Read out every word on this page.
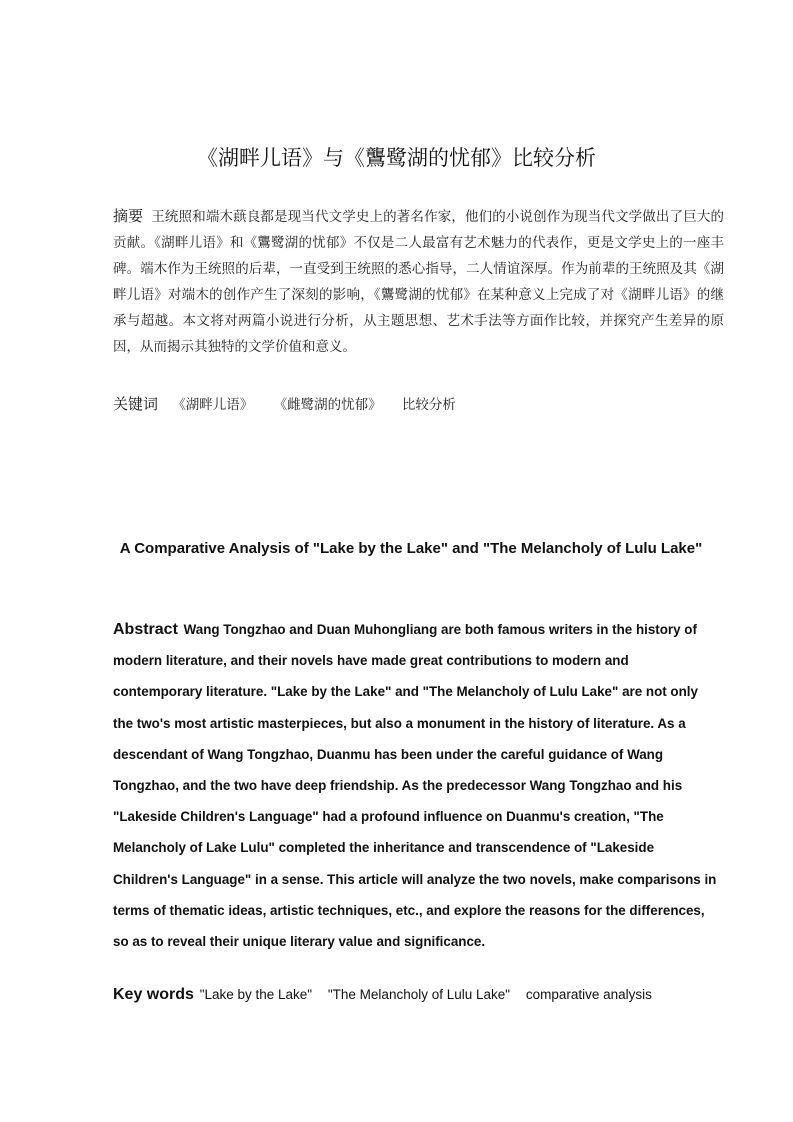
《湖畔儿语》与《鸗鹭湖的忧郁》比较分析
摘要 王统照和端木蕻良都是现当代文学史上的著名作家，他们的小说创作为现当代文学做出了巨大的贡献。《湖畔儿语》和《鸗鹭湖的忧郁》不仅是二人最富有艺术魅力的代表作，更是文学史上的一座丰碑。端木作为王统照的后辈，一直受到王统照的悉心指导，二人情谊深厚。作为前辈的王统照及其《湖畔儿语》对端木的创作产生了深刻的影响，《鸗鹭湖的忧郁》在某种意义上完成了对《湖畔儿语》的继承与超越。本文将对两篇小说进行分析，从主题思想、艺术手法等方面作比较，并探究产生差异的原因，从而揭示其独特的文学价值和意义。
关键词 《湖畔儿语》 《雌鹭湖的忧郁》 比较分析
A Comparative Analysis of "Lake by the Lake" and "The Melancholy of Lulu Lake"
Abstract Wang Tongzhao and Duan Muhongliang are both famous writers in the history of modern literature, and their novels have made great contributions to modern and contemporary literature. "Lake by the Lake" and "The Melancholy of Lulu Lake" are not only the two's most artistic masterpieces, but also a monument in the history of literature. As a descendant of Wang Tongzhao, Duanmu has been under the careful guidance of Wang Tongzhao, and the two have deep friendship. As the predecessor Wang Tongzhao and his "Lakeside Children's Language" had a profound influence on Duanmu's creation, "The Melancholy of Lake Lulu" completed the inheritance and transcendence of "Lakeside Children's Language" in a sense. This article will analyze the two novels, make comparisons in terms of thematic ideas, artistic techniques, etc., and explore the reasons for the differences, so as to reveal their unique literary value and significance.
Key words "Lake by the Lake" "The Melancholy of Lulu Lake" comparative analysis
